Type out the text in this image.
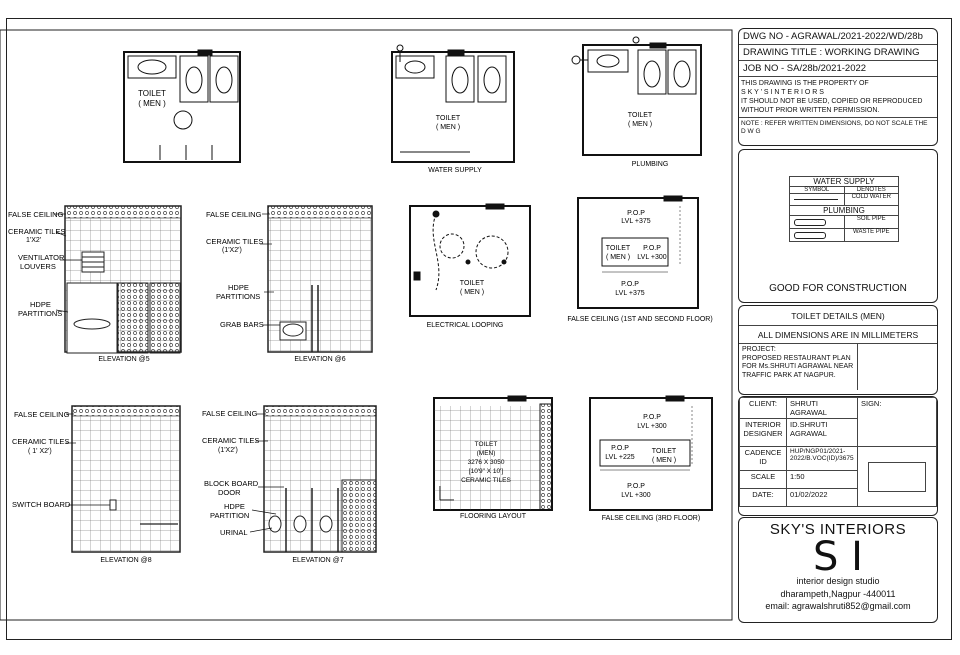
TOILET
( MEN )
TOILET
( MEN )
WATER SUPPLY
TOILET
( MEN )
PLUMBING
FALSE CEILING
CERAMIC TILES
1'X2'
VENTILATOR
LOUVERS
HDPE
PARTITIONS
ELEVATION @5
FALSE CEILING
CERAMIC TILES
(1'X2')
HDPE
PARTITIONS
GRAB BARS
ELEVATION @6
TOILET
( MEN )
ELECTRICAL LOOPING
P.O.P
LVL +375
TOILET
( MEN )
P.O.P
LVL +300
P.O.P
LVL +375
FALSE CEILING (1ST AND SECOND FLOOR)
FALSE CEILING
CERAMIC TILES
( 1' X2')
SWITCH BOARD
ELEVATION @8
FALSE CEILING
CERAMIC TILES
(1'X2')
BLOCK BOARD
DOOR
HDPE
PARTITION
URINAL
ELEVATION @7
TOILET
(MEN)
3276 X 3050
[10'9" X 10']
CERAMIC TILES
FLOORING LAYOUT
P.O.P
LVL +300
P.O.P
LVL +225
TOILET
( MEN )
P.O.P
LVL +300
FALSE CEILING (3RD FLOOR)
DWG NO - AGRAWAL/2021-2022/WD/28b
DRAWING TITLE : WORKING DRAWING
JOB NO - SA/28b/2021-2022
THIS DRAWING IS THE PROPERTY OF
S K Y ' S I N T E R I O R S
IT SHOULD NOT BE USED, COPIED OR REPRODUCED
WITHOUT PRIOR WRITTEN PERMISSION.
NOTE : REFER WRITTEN DIMENSIONS, DO NOT SCALE THE
D W G
WATER SUPPLY
SYMBOL	DENOTES
COLD WATER
PLUMBING
SOIL PIPE
WASTE PIPE
GOOD FOR CONSTRUCTION
TOILET DETAILS (MEN)
ALL DIMENSIONS ARE IN MILLIMETERS
PROJECT:
PROPOSED RESTAURANT PLAN
FOR Ms.SHRUTI AGRAWAL NEAR
TRAFFIC PARK AT NAGPUR.
CLIENT:	SHRUTI AGRAWAL	SIGN:
INTERIOR DESIGNER	ID.SHRUTI AGRAWAL	
CADENCE ID	HUP/NGP01/2021-2022/B.VOC(ID)/3675	

SCALE	1:50	
DATE:	01/02/2022	
SKY'S INTERIORS
S I
interior design studio
dharampeth,Nagpur -440011
email: agrawalshruti852@gmail.com
